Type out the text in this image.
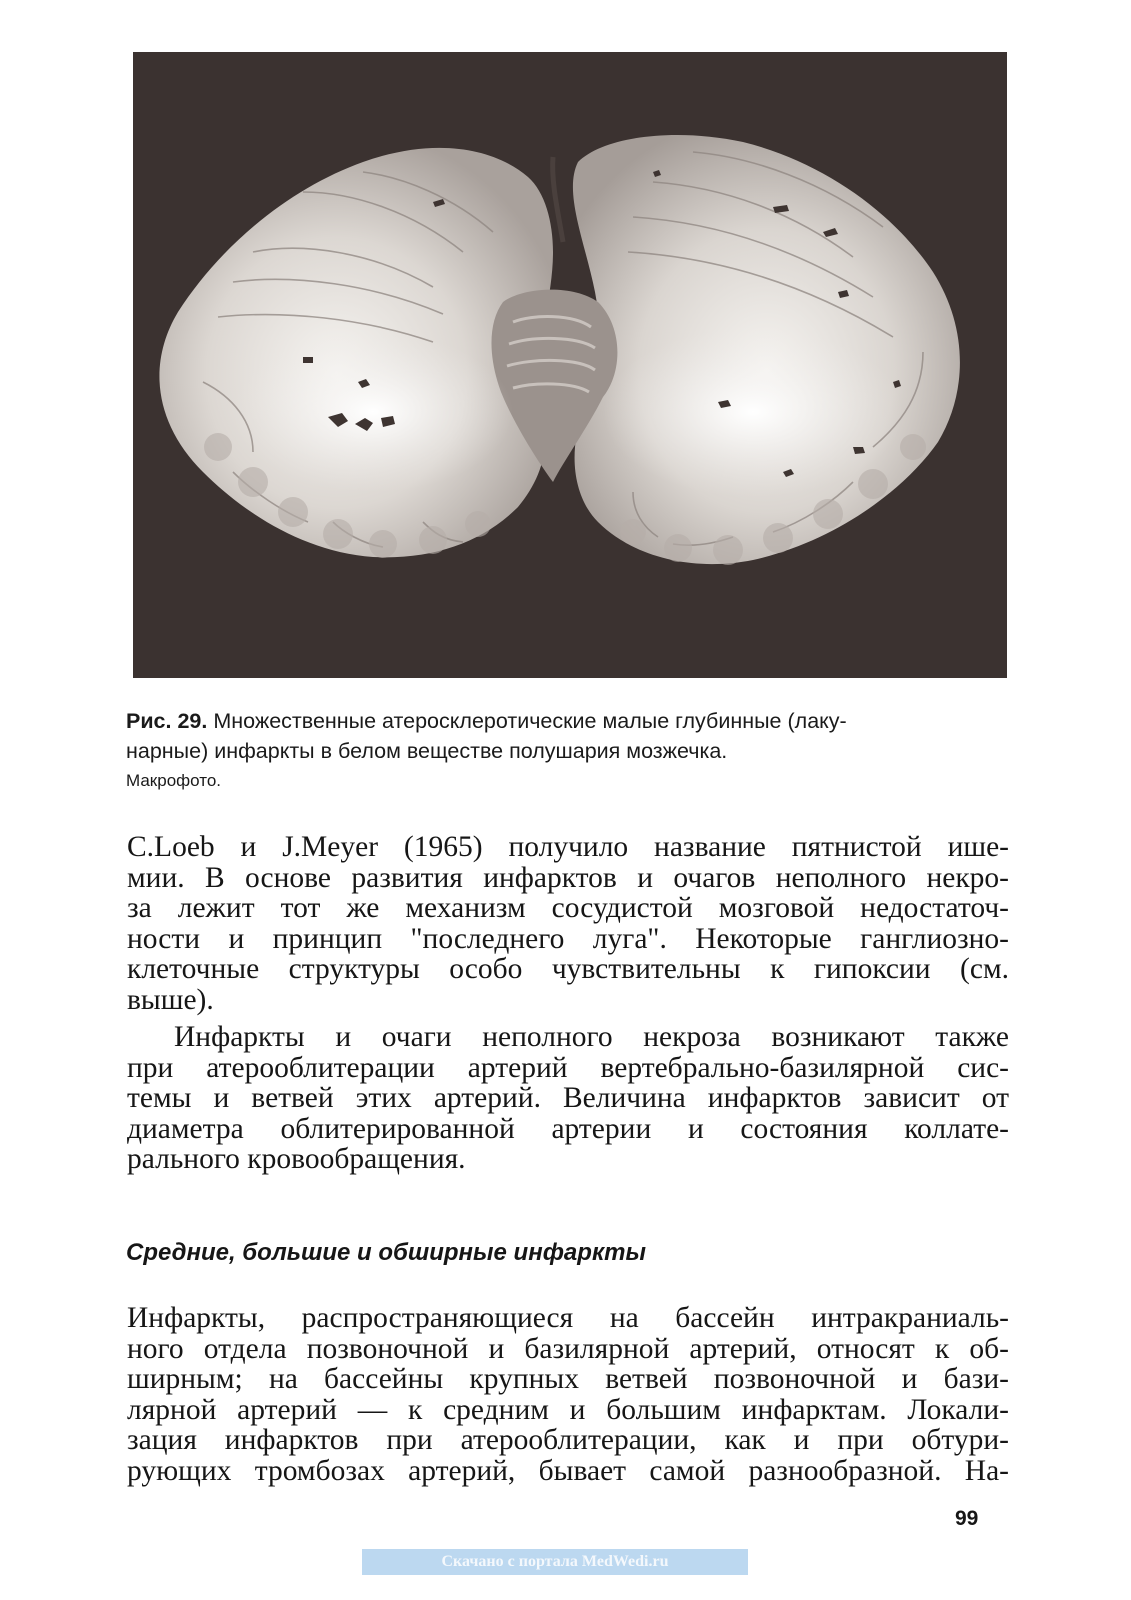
Рис. 29. Множественные атеросклеротические малые глубинные (лаку-
нарные) инфаркты в белом веществе полушария мозжечка.
Макрофото.
C.Loeb и J.Meyer (1965) получило название пятнистой ише-
мии. В основе развития инфарктов и очагов неполного некро-
за лежит тот же механизм сосудистой мозговой недостаточ-
ности и принцип "последнего луга". Некоторые ганглиозно-
клеточные структуры особо чувствительны к гипоксии (см.
выше).
Инфаркты и очаги неполного некроза возникают также
при атерооблитерации артерий вертебрально-базилярной сис-
темы и ветвей этих артерий. Величина инфарктов зависит от
диаметра облитерированной артерии и состояния коллате-
рального кровообращения.
Средние, большие и обширные инфаркты
Инфаркты, распространяющиеся на бассейн интракраниаль-
ного отдела позвоночной и базилярной артерий, относят к об-
ширным; на бассейны крупных ветвей позвоночной и бази-
лярной артерий — к средним и большим инфарктам. Локали-
зация инфарктов при атерооблитерации, как и при обтури-
рующих тромбозах артерий, бывает самой разнообразной. На-
99
Скачано с портала MedWedi.ru
